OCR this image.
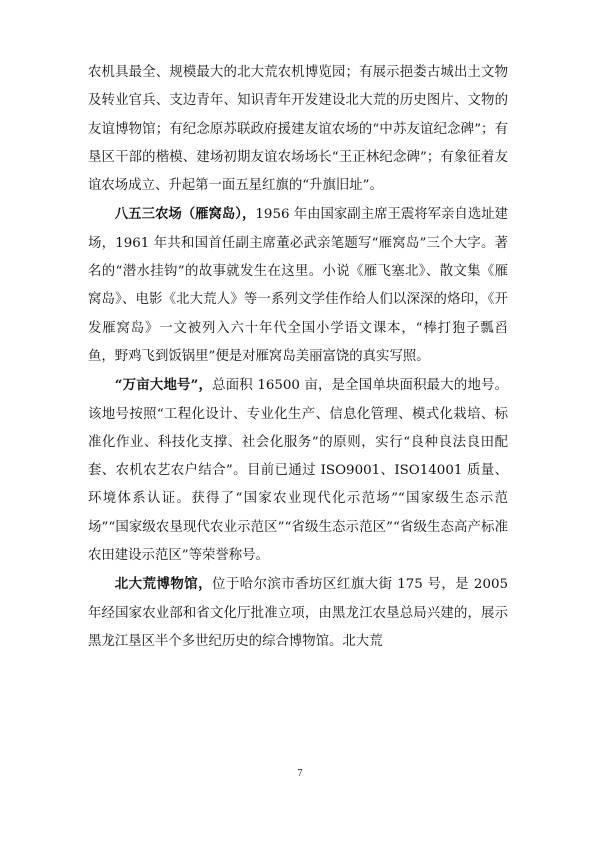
农机具最全、规模最大的北大荒农机博览园；有展示挹娄古城出土文物及转业官兵、支边青年、知识青年开发建设北大荒的历史图片、文物的友谊博物馆；有纪念原苏联政府援建友谊农场的“中苏友谊纪念碑”；有垦区干部的楷模、建场初期友谊农场场长“王正林纪念碑”；有象征着友谊农场成立、升起第一面五星红旗的“升旗旧址”。

八五三农场（雁窝岛），1956 年由国家副主席王震将军亲自选址建场，1961 年共和国首任副主席董必武亲笔题写“雁窝岛”三个大字。著名的“潜水挂钩”的故事就发生在这里。小说《雁飞塞北》、散文集《雁窝岛》、电影《北大荒人》等一系列文学佳作给人们以深深的烙印，《开发雁窝岛》一文被列入六十年代全国小学语文课本，“棒打狍子瓢舀鱼，野鸡飞到饭锅里”便是对雁窝岛美丽富饶的真实写照。

“万亩大地号”，总面积 16500 亩，是全国单块面积最大的地号。该地号按照“工程化设计、专业化生产、信息化管理、模式化栽培、标准化作业、科技化支撑、社会化服务”的原则，实行“良种良法良田配套、农机农艺农户结合”。目前已通过 ISO9001、ISO14001 质量、环境体系认证。获得了“国家农业现代化示范场”“国家级生态示范场”“国家级农垦现代农业示范区”“省级生态示范区”“省级生态高产标准农田建设示范区”等荣誉称号。

北大荒博物馆，位于哈尔滨市香坊区红旗大街 175 号，是 2005 年经国家农业部和省文化厅批准立项，由黑龙江农垦总局兴建的，展示黑龙江垦区半个多世纪历史的综合博物馆。北大荒

7
